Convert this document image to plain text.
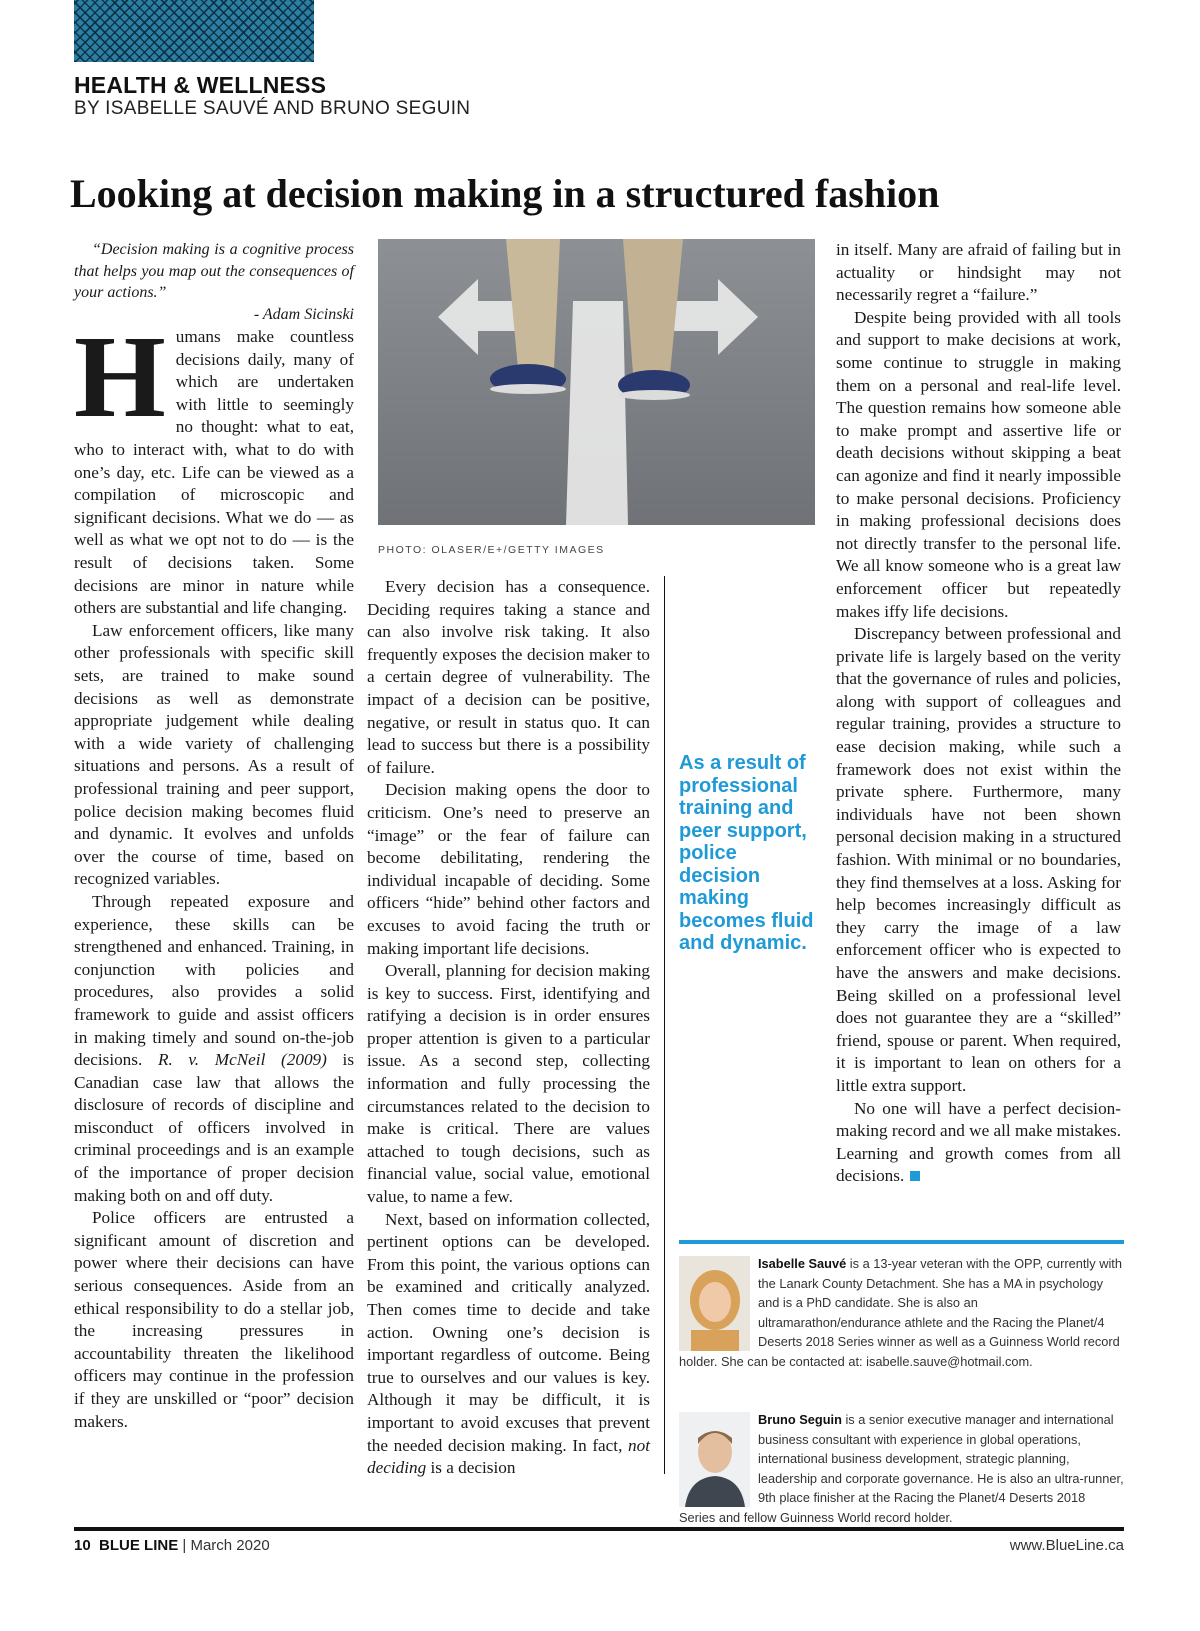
HEALTH & WELLNESS
BY ISABELLE SAUVÉ AND BRUNO SEGUIN
Looking at decision making in a structured fashion

“Decision making is a cognitive process that helps you map out the consequences of your actions.”

- Adam Sicinski

Humans make countless decisions daily, many of which are undertaken with little to seemingly no thought: what to eat, who to interact with, what to do with one’s day, etc. Life can be viewed as a compilation of microscopic and significant decisions. What we do — as well as what we opt not to do — is the result of decisions taken. Some decisions are minor in nature while others are substantial and life changing.

Law enforcement officers, like many other professionals with specific skill sets, are trained to make sound decisions as well as demonstrate appropriate judgement while dealing with a wide variety of challenging situations and persons. As a result of professional training and peer support, police decision making becomes fluid and dynamic. It evolves and unfolds over the course of time, based on recognized variables.

Through repeated exposure and experience, these skills can be strengthened and enhanced. Training, in conjunction with policies and procedures, also provides a solid framework to guide and assist officers in making timely and sound on-the-job decisions. R. v. McNeil (2009) is Canadian case law that allows the disclosure of records of discipline and misconduct of officers involved in criminal proceedings and is an example of the importance of proper decision making both on and off duty.

Police officers are entrusted a significant amount of discretion and power where their decisions can have serious consequences. Aside from an ethical responsibility to do a stellar job, the increasing pressures in accountability threaten the likelihood officers may continue in the profession if they are unskilled or “poor” decision makers.

PHOTO: OLASER/E+/GETTY IMAGES

Every decision has a consequence. Deciding requires taking a stance and can also involve risk taking. It also frequently exposes the decision maker to a certain degree of vulnerability. The impact of a decision can be positive, negative, or result in status quo. It can lead to success but there is a possibility of failure.

Decision making opens the door to criticism. One’s need to preserve an “image” or the fear of failure can become debilitating, rendering the individual incapable of deciding. Some officers “hide” behind other factors and excuses to avoid facing the truth or making important life decisions.

Overall, planning for decision making is key to success. First, identifying and ratifying a decision is in order ensures proper attention is given to a particular issue. As a second step, collecting information and fully processing the circumstances related to the decision to make is critical. There are values attached to tough decisions, such as financial value, social value, emotional value, to name a few.

Next, based on information collected, pertinent options can be developed. From this point, the various options can be examined and critically analyzed. Then comes time to decide and take action. Owning one’s decision is important regardless of outcome. Being true to ourselves and our values is key. Although it may be difficult, it is important to avoid excuses that prevent the needed decision making. In fact, not deciding is a decision

As a result of professional training and peer support, police decision making becomes fluid and dynamic.

in itself. Many are afraid of failing but in actuality or hindsight may not necessarily regret a “failure.”

Despite being provided with all tools and support to make decisions at work, some continue to struggle in making them on a personal and real-life level. The question remains how someone able to make prompt and assertive life or death decisions without skipping a beat can agonize and find it nearly impossible to make personal decisions. Proficiency in making professional decisions does not directly transfer to the personal life. We all know someone who is a great law enforcement officer but repeatedly makes iffy life decisions.

Discrepancy between professional and private life is largely based on the verity that the governance of rules and policies, along with support of colleagues and regular training, provides a structure to ease decision making, while such a framework does not exist within the private sphere. Furthermore, many individuals have not been shown personal decision making in a structured fashion. With minimal or no boundaries, they find themselves at a loss. Asking for help becomes increasingly difficult as they carry the image of a law enforcement officer who is expected to have the answers and make decisions. Being skilled on a professional level does not guarantee they are a “skilled” friend, spouse or parent. When required, it is important to lean on others for a little extra support.

No one will have a perfect decision-making record and we all make mistakes. Learning and growth comes from all decisions.

Isabelle Sauvé is a 13-year veteran with the OPP, currently with the Lanark County Detachment. She has a MA in psychology and is a PhD candidate. She is also an ultramarathon/endurance athlete and the Racing the Planet/4 Deserts 2018 Series winner as well as a Guinness World record holder. She can be contacted at: isabelle.sauve@hotmail.com.
Bruno Seguin is a senior executive manager and international business consultant with experience in global operations, international business development, strategic planning, leadership and corporate governance. He is also an ultra-runner, 9th place finisher at the Racing the Planet/4 Deserts 2018 Series and fellow Guinness World record holder.
10 BLUE LINE | March 2020	www.BlueLine.ca
